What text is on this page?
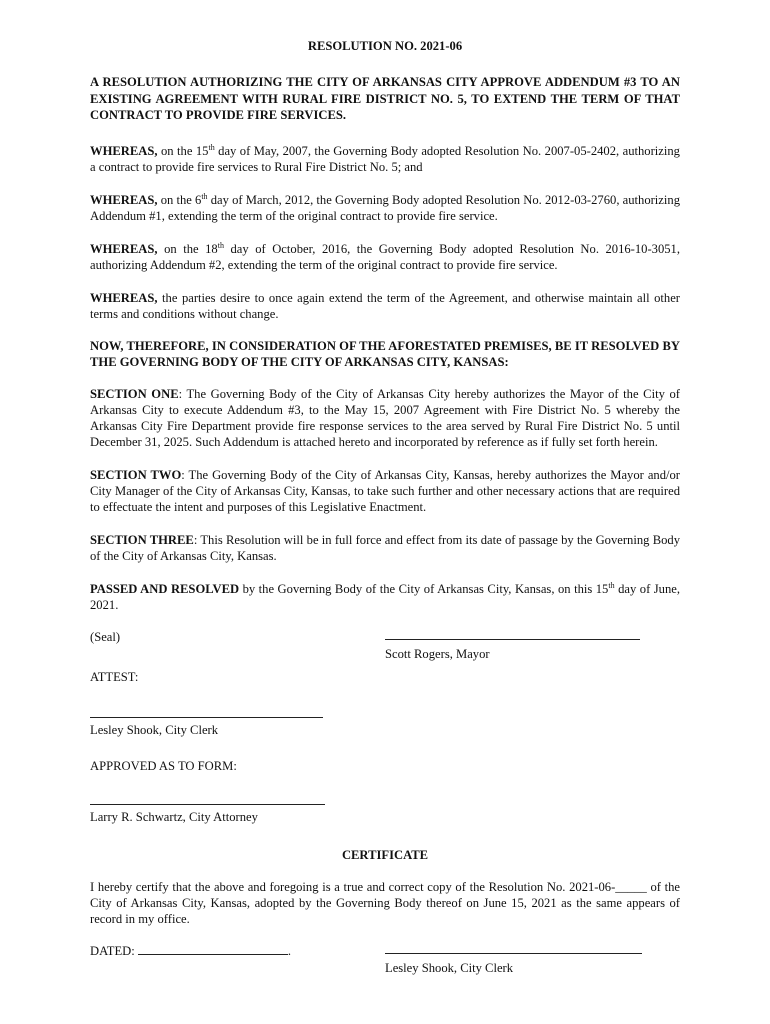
RESOLUTION NO. 2021-06
A RESOLUTION AUTHORIZING THE CITY OF ARKANSAS CITY APPROVE ADDENDUM #3 TO AN EXISTING AGREEMENT WITH RURAL FIRE DISTRICT NO. 5, TO EXTEND THE TERM OF THAT CONTRACT TO PROVIDE FIRE SERVICES.
WHEREAS, on the 15th day of May, 2007, the Governing Body adopted Resolution No. 2007-05-2402, authorizing a contract to provide fire services to Rural Fire District No. 5; and
WHEREAS, on the 6th day of March, 2012, the Governing Body adopted Resolution No. 2012-03-2760, authorizing Addendum #1, extending the term of the original contract to provide fire service.
WHEREAS, on the 18th day of October, 2016, the Governing Body adopted Resolution No. 2016-10-3051, authorizing Addendum #2, extending the term of the original contract to provide fire service.
WHEREAS, the parties desire to once again extend the term of the Agreement, and otherwise maintain all other terms and conditions without change.
NOW, THEREFORE, IN CONSIDERATION OF THE AFORESTATED PREMISES, BE IT RESOLVED BY THE GOVERNING BODY OF THE CITY OF ARKANSAS CITY, KANSAS:
SECTION ONE: The Governing Body of the City of Arkansas City hereby authorizes the Mayor of the City of Arkansas City to execute Addendum #3, to the May 15, 2007 Agreement with Fire District No. 5 whereby the Arkansas City Fire Department provide fire response services to the area served by Rural Fire District No. 5 until December 31, 2025. Such Addendum is attached hereto and incorporated by reference as if fully set forth herein.
SECTION TWO: The Governing Body of the City of Arkansas City, Kansas, hereby authorizes the Mayor and/or City Manager of the City of Arkansas City, Kansas, to take such further and other necessary actions that are required to effectuate the intent and purposes of this Legislative Enactment.
SECTION THREE: This Resolution will be in full force and effect from its date of passage by the Governing Body of the City of Arkansas City, Kansas.
PASSED AND RESOLVED by the Governing Body of the City of Arkansas City, Kansas, on this 15th day of June, 2021.
(Seal)
Scott Rogers, Mayor
ATTEST:
Lesley Shook, City Clerk
APPROVED AS TO FORM:
Larry R. Schwartz, City Attorney
CERTIFICATE
I hereby certify that the above and foregoing is a true and correct copy of the Resolution No. 2021-06-_____ of the City of Arkansas City, Kansas, adopted by the Governing Body thereof on June 15, 2021 as the same appears of record in my office.
DATED:	.
Lesley Shook, City Clerk
